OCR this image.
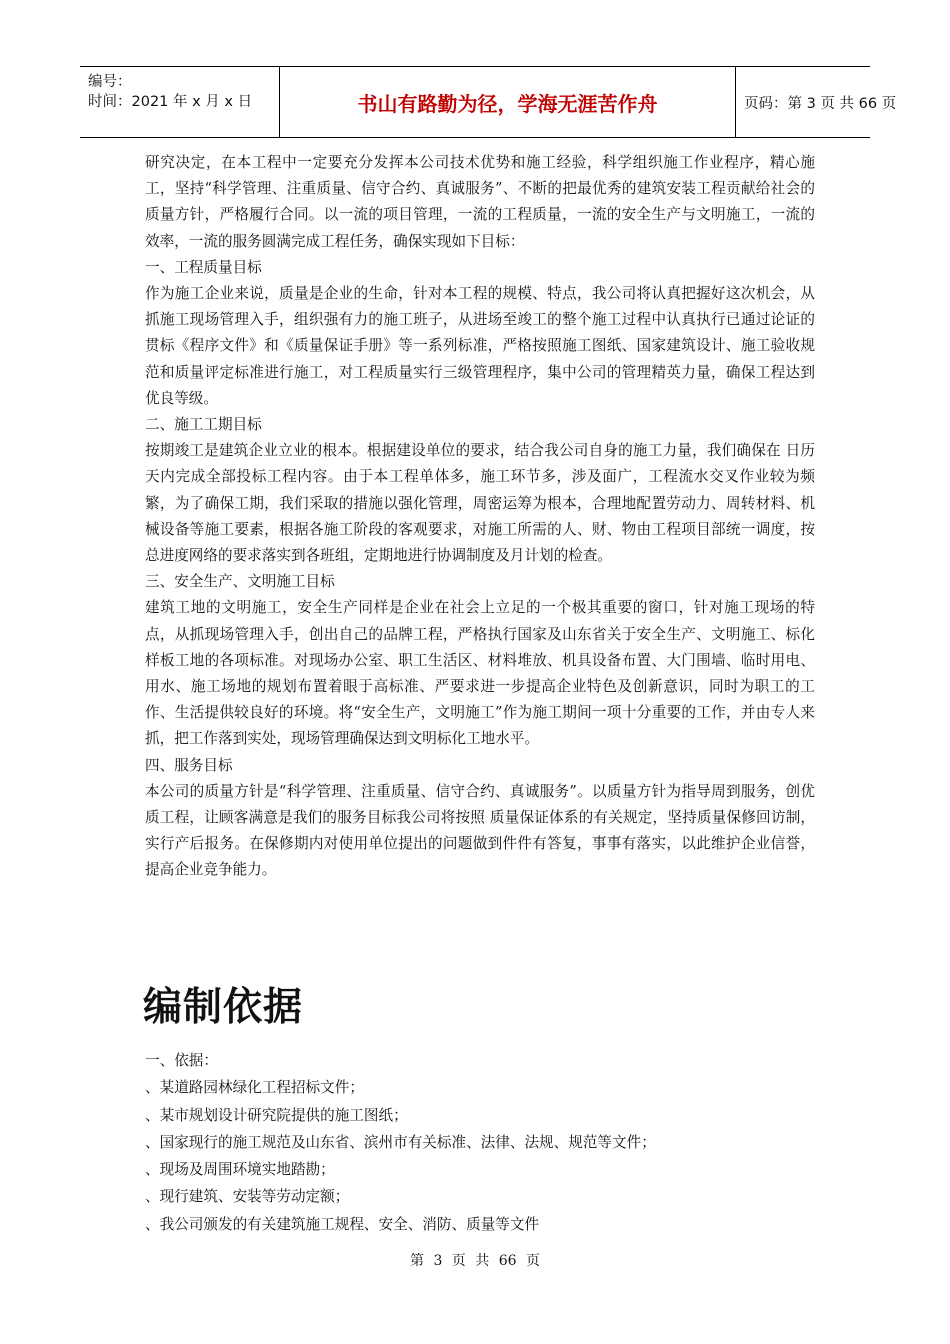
编号：
时间：2021 年 x 月 x 日	书山有路勤为径，学海无涯苦作舟	页码：第 3 页 共 66 页

研究决定，在本工程中一定要充分发挥本公司技术优势和施工经验，科学组织施工作业程序，精心施工，坚持“科学管理、注重质量、信守合约、真诚服务”、不断的把最优秀的建筑安装工程贡献给社会的质量方针，严格履行合同。以一流的项目管理，一流的工程质量，一流的安全生产与文明施工，一流的效率，一流的服务圆满完成工程任务，确保实现如下目标：

一、工程质量目标

作为施工企业来说，质量是企业的生命，针对本工程的规模、特点，我公司将认真把握好这次机会，从抓施工现场管理入手，组织强有力的施工班子，从进场至竣工的整个施工过程中认真执行已通过论证的 贯标《程序文件》和《质量保证手册》等一系列标准，严格按照施工图纸、国家建筑设计、施工验收规范和质量评定标准进行施工，对工程质量实行三级管理程序，集中公司的管理精英力量，确保工程达到优良等级。

二、施工工期目标

按期竣工是建筑企业立业的根本。根据建设单位的要求，结合我公司自身的施工力量，我们确保在 日历天内完成全部投标工程内容。由于本工程单体多，施工环节多，涉及面广，工程流水交叉作业较为频繁，为了确保工期，我们采取的措施以强化管理，周密运筹为根本，合理地配置劳动力、周转材料、机械设备等施工要素，根据各施工阶段的客观要求，对施工所需的人、财、物由工程项目部统一调度，按总进度网络的要求落实到各班组，定期地进行协调制度及月计划的检查。

三、安全生产、文明施工目标

建筑工地的文明施工，安全生产同样是企业在社会上立足的一个极其重要的窗口，针对施工现场的特点，从抓现场管理入手，创出自己的品牌工程，严格执行国家及山东省关于安全生产、文明施工、标化样板工地的各项标准。对现场办公室、职工生活区、材料堆放、机具设备布置、大门围墙、临时用电、用水、施工场地的规划布置着眼于高标准、严要求进一步提高企业特色及创新意识，同时为职工的工作、生活提供较良好的环境。将“安全生产，文明施工”作为施工期间一项十分重要的工作，并由专人来抓，把工作落到实处，现场管理确保达到文明标化工地水平。

四、服务目标

本公司的质量方针是“科学管理、注重质量、信守合约、真诚服务”。以质量方针为指导周到服务，创优质工程，让顾客满意是我们的服务目标我公司将按照 质量保证体系的有关规定，坚持质量保修回访制，实行产后报务。在保修期内对使用单位提出的问题做到件件有答复，事事有落实，以此维护企业信誉，提高企业竞争能力。

编制依据

一、依据：

、某道路园林绿化工程招标文件；

、某市规划设计研究院提供的施工图纸；

、国家现行的施工规范及山东省、滨州市有关标准、法律、法规、规范等文件；

、现场及周围环境实地踏勘；

、现行建筑、安装等劳动定额；

、我公司颁发的有关建筑施工规程、安全、消防、质量等文件

第 3 页 共 66 页
